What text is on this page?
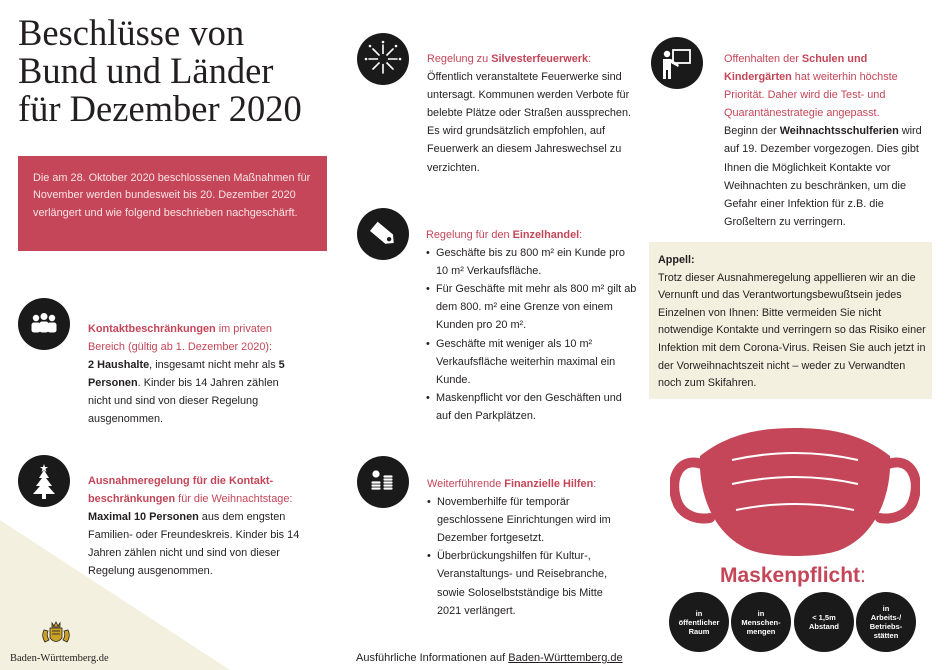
Beschlüsse von
Bund und Länder
für Dezember 2020
Die am 28. Oktober 2020 beschlossenen Maßnahmen für November werden bundesweit bis 20. Dezember 2020 verlängert und wie folgend beschrieben nachgeschärft.
Kontaktbeschränkungen im privaten Bereich (gültig ab 1. Dezember 2020):
2 Haushalte, insgesamt nicht mehr als 5 Personen. Kinder bis 14 Jahren zählen nicht und sind von dieser Regelung ausgenommen.
Ausnahmeregelung für die Kontakt-beschränkungen für die Weihnachtstage:
Maximal 10 Personen aus dem engsten Familien- oder Freundeskreis. Kinder bis 14 Jahren zählen nicht und sind von dieser Regelung ausgenommen.
Regelung zu Silvesterfeuerwerk:
Öffentlich veranstaltete Feuerwerke sind untersagt. Kommunen werden Verbote für belebte Plätze oder Straßen aussprechen. Es wird grundsätzlich empfohlen, auf Feuerwerk an diesem Jahreswechsel zu verzichten.
Regelung für den Einzelhandel:
• Geschäfte bis zu 800 m² ein Kunde pro 10 m² Verkaufsfläche.
• Für Geschäfte mit mehr als 800 m² gilt ab dem 800. m² eine Grenze von einem Kunden pro 20 m².
• Geschäfte mit weniger als 10 m² Verkaufsfläche weiterhin maximal ein Kunde.
• Maskenpflicht vor den Geschäften und auf den Parkplätzen.
Weiterführende Finanzielle Hilfen:
• Novemberhilfe für temporär geschlossene Einrichtungen wird im Dezember fortgesetzt.
• Überbrückungshilfen für Kultur-, Veranstaltungs- und Reisebranche, sowie Soloselbstständige bis Mitte 2021 verlängert.
Offenhalten der Schulen und Kindergärten hat weiterhin höchste Priorität. Daher wird die Test- und Quarantänestrategie angepasst.
Beginn der Weihnachtsschulferien wird auf 19. Dezember vorgezogen. Dies gibt Ihnen die Möglichkeit Kontakte vor Weihnachten zu beschränken, um die Gefahr einer Infektion für z.B. die Großeltern zu verringern.
Appell:
Trotz dieser Ausnahmeregelung appellieren wir an die Vernunft und das Verantwortungsbewußtsein jedes Einzelnen von Ihnen: Bitte vermeiden Sie nicht notwendige Kontakte und verringern so das Risiko einer Infektion mit dem Corona-Virus. Reisen Sie auch jetzt in der Vorweihnachtszeit nicht – weder zu Verwandten noch zum Skifahren.
Maskenpflicht:
in
öffentlicher
Raum
in
Menschen-
mengen
< 1,5m
Abstand
in
Arbeits-/
Betriebs-
stätten
Ausführliche Informationen auf Baden-Württemberg.de
Baden-Württemberg.de
